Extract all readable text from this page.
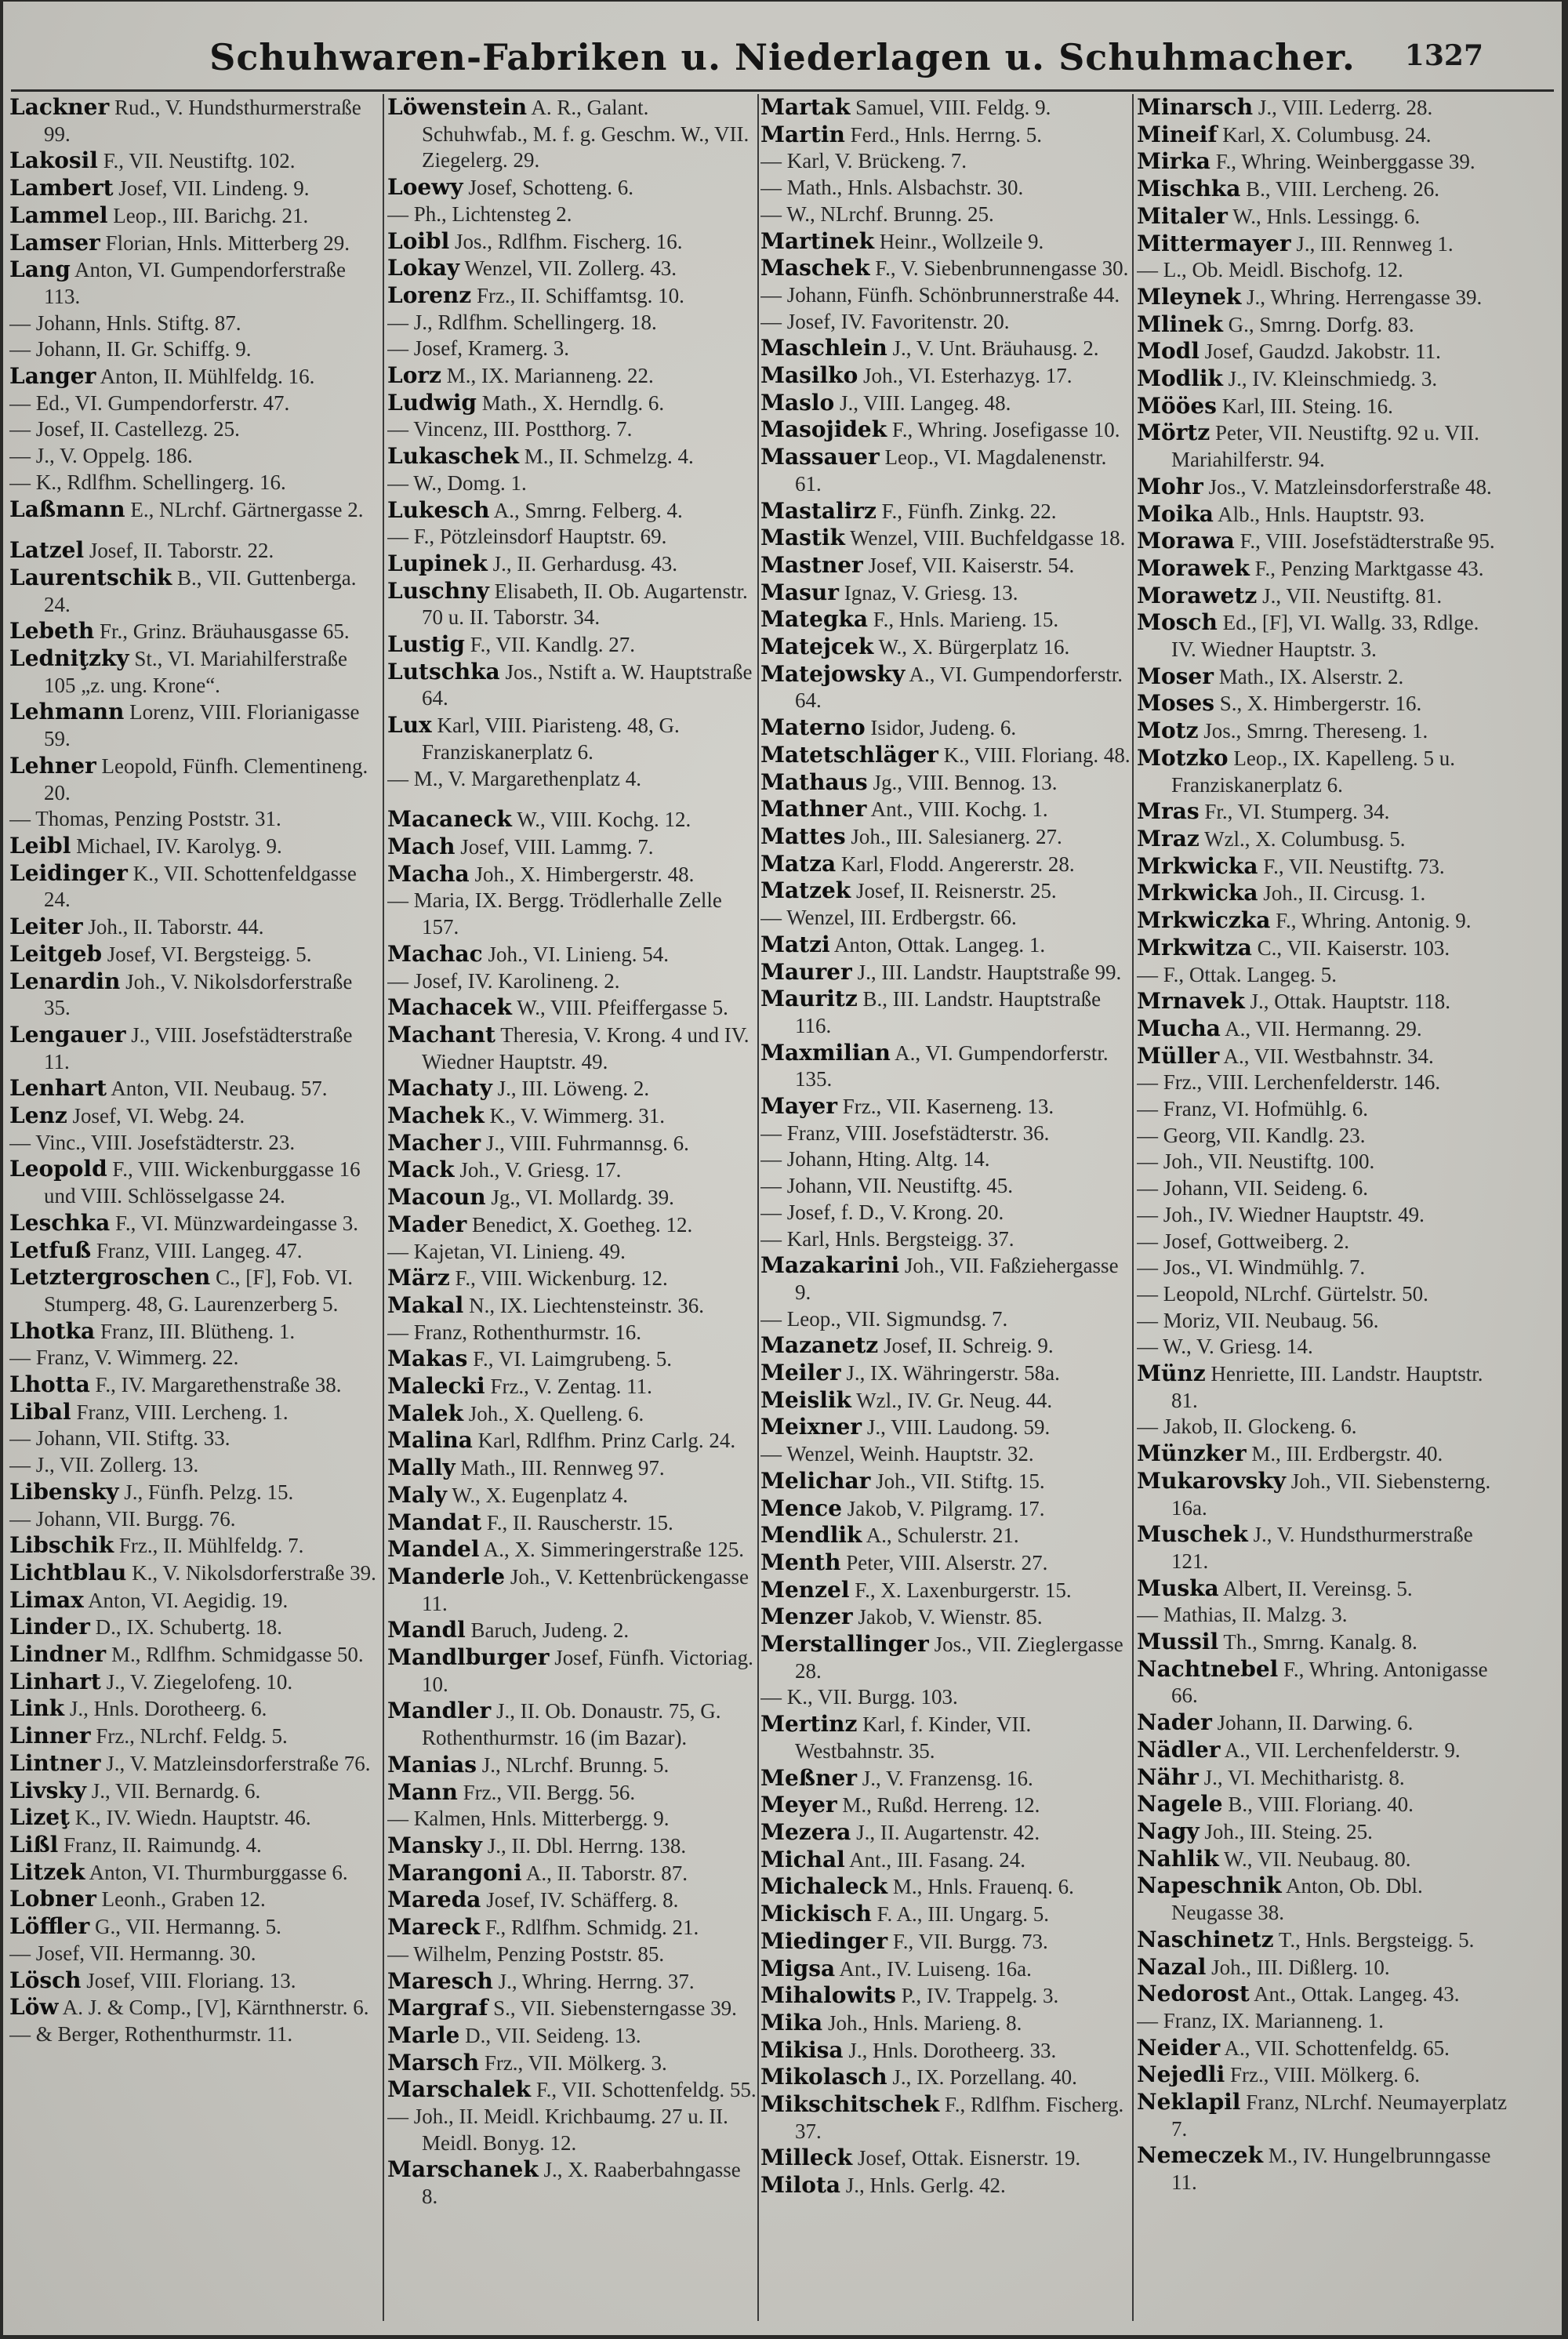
Schuhwaren-Fabriken u. Niederlagen u. Schuhmacher.	1327

Lackner Rud., V. Hundsthurmerstraße 99.

Lakosil F., VII. Neustiftg. 102.

Lambert Josef, VII. Lindeng. 9.

Lammel Leop., III. Barichg. 21.

Lamser Florian, Hnls. Mitterberg 29.

Lang Anton, VI. Gumpendorferstraße 113.

— Johann, Hnls. Stiftg. 87.

— Johann, II. Gr. Schiffg. 9.

Langer Anton, II. Mühlfeldg. 16.

— Ed., VI. Gumpendorferstr. 47.

— Josef, II. Castellezg. 25.

— J., V. Oppelg. 186.

— K., Rdlfhm. Schellingerg. 16.

Laßmann E., NLrchf. Gärtnergasse 2.

Latzel Josef, II. Taborstr. 22.

Laurentschik B., VII. Guttenberga. 24.

Lebeth Fr., Grinz. Bräuhausgasse 65.

Ledniţzky St., VI. Mariahilferstraße 105 „z. ung. Krone“.

Lehmann Lorenz, VIII. Florianigasse 59.

Lehner Leopold, Fünfh. Clementineng. 20.

— Thomas, Penzing Poststr. 31.

Leibl Michael, IV. Karolyg. 9.

Leidinger K., VII. Schottenfeldgasse 24.

Leiter Joh., II. Taborstr. 44.

Leitgeb Josef, VI. Bergsteigg. 5.

Lenardin Joh., V. Nikolsdorferstraße 35.

Lengauer J., VIII. Josefstädterstraße 11.

Lenhart Anton, VII. Neubaug. 57.

Lenz Josef, VI. Webg. 24.

— Vinc., VIII. Josefstädterstr. 23.

Leopold F., VIII. Wickenburggasse 16 und VIII. Schlösselgasse 24.

Leschka F., VI. Münzwardeingasse 3.

Letfuß Franz, VIII. Langeg. 47.

Letztergroschen C., [F], Fob. VI. Stumperg. 48, G. Laurenzerberg 5.

Lhotka Franz, III. Blütheng. 1.

— Franz, V. Wimmerg. 22.

Lhotta F., IV. Margarethenstraße 38.

Libal Franz, VIII. Lercheng. 1.

— Johann, VII. Stiftg. 33.

— J., VII. Zollerg. 13.

Libensky J., Fünfh. Pelzg. 15.

— Johann, VII. Burgg. 76.

Libschik Frz., II. Mühlfeldg. 7.

Lichtblau K., V. Nikolsdorferstraße 39.

Limax Anton, VI. Aegidig. 19.

Linder D., IX. Schubertg. 18.

Lindner M., Rdlfhm. Schmidgasse 50.

Linhart J., V. Ziegelofeng. 10.

Link J., Hnls. Dorotheerg. 6.

Linner Frz., NLrchf. Feldg. 5.

Lintner J., V. Matzleinsdorferstraße 76.

Livsky J., VII. Bernardg. 6.

Lizeţ K., IV. Wiedn. Hauptstr. 46.

Lißl Franz, II. Raimundg. 4.

Litzek Anton, VI. Thurmburggasse 6.

Lobner Leonh., Graben 12.

Löffler G., VII. Hermanng. 5.

— Josef, VII. Hermanng. 30.

Lösch Josef, VIII. Floriang. 13.

Löw A. J. & Comp., [V], Kärnthnerstr. 6.

— & Berger, Rothenthurmstr. 11.

Löwenstein A. R., Galant. Schuhwfab., M. f. g. Geschm. W., VII. Ziegelerg. 29.

Loewy Josef, Schotteng. 6.

— Ph., Lichtensteg 2.

Loibl Jos., Rdlfhm. Fischerg. 16.

Lokay Wenzel, VII. Zollerg. 43.

Lorenz Frz., II. Schiffamtsg. 10.

— J., Rdlfhm. Schellingerg. 18.

— Josef, Kramerg. 3.

Lorz M., IX. Marianneng. 22.

Ludwig Math., X. Herndlg. 6.

— Vincenz, III. Postthorg. 7.

Lukaschek M., II. Schmelzg. 4.

— W., Domg. 1.

Lukesch A., Smrng. Felberg. 4.

— F., Pötzleinsdorf Hauptstr. 69.

Lupinek J., II. Gerhardusg. 43.

Luschny Elisabeth, II. Ob. Augartenstr. 70 u. II. Taborstr. 34.

Lustig F., VII. Kandlg. 27.

Lutschka Jos., Nstift a. W. Hauptstraße 64.

Lux Karl, VIII. Piaristeng. 48, G. Franziskanerplatz 6.

— M., V. Margarethenplatz 4.

Macaneck W., VIII. Kochg. 12.

Mach Josef, VIII. Lammg. 7.

Macha Joh., X. Himbergerstr. 48.

— Maria, IX. Bergg. Trödlerhalle Zelle 157.

Machac Joh., VI. Linieng. 54.

— Josef, IV. Karolineng. 2.

Machacek W., VIII. Pfeiffergasse 5.

Machant Theresia, V. Krong. 4 und IV. Wiedner Hauptstr. 49.

Machaty J., III. Löweng. 2.

Machek K., V. Wimmerg. 31.

Macher J., VIII. Fuhrmannsg. 6.

Mack Joh., V. Griesg. 17.

Macoun Jg., VI. Mollardg. 39.

Mader Benedict, X. Goetheg. 12.

— Kajetan, VI. Linieng. 49.

März F., VIII. Wickenburg. 12.

Makal N., IX. Liechtensteinstr. 36.

— Franz, Rothenthurmstr. 16.

Makas F., VI. Laimgrubeng. 5.

Malecki Frz., V. Zentag. 11.

Malek Joh., X. Quelleng. 6.

Malina Karl, Rdlfhm. Prinz Carlg. 24.

Mally Math., III. Rennweg 97.

Maly W., X. Eugenplatz 4.

Mandat F., II. Rauscherstr. 15.

Mandel A., X. Simmeringerstraße 125.

Manderle Joh., V. Kettenbrückengasse 11.

Mandl Baruch, Judeng. 2.

Mandlburger Josef, Fünfh. Victoriag. 10.

Mandler J., II. Ob. Donaustr. 75, G. Rothenthurmstr. 16 (im Bazar).

Manias J., NLrchf. Brunng. 5.

Mann Frz., VII. Bergg. 56.

— Kalmen, Hnls. Mitterbergg. 9.

Mansky J., II. Dbl. Herrng. 138.

Marangoni A., II. Taborstr. 87.

Mareda Josef, IV. Schäfferg. 8.

Mareck F., Rdlfhm. Schmidg. 21.

— Wilhelm, Penzing Poststr. 85.

Maresch J., Whring. Herrng. 37.

Margraf S., VII. Siebensterngasse 39.

Marle D., VII. Seideng. 13.

Marsch Frz., VII. Mölkerg. 3.

Marschalek F., VII. Schottenfeldg. 55.

— Joh., II. Meidl. Krichbaumg. 27 u. II. Meidl. Bonyg. 12.

Marschanek J., X. Raaberbahngasse 8.

Martak Samuel, VIII. Feldg. 9.

Martin Ferd., Hnls. Herrng. 5.

— Karl, V. Brückeng. 7.

— Math., Hnls. Alsbachstr. 30.

— W., NLrchf. Brunng. 25.

Martinek Heinr., Wollzeile 9.

Maschek F., V. Siebenbrunnengasse 30.

— Johann, Fünfh. Schönbrunnerstraße 44.

— Josef, IV. Favoritenstr. 20.

Maschlein J., V. Unt. Bräuhausg. 2.

Masilko Joh., VI. Esterhazyg. 17.

Maslo J., VIII. Langeg. 48.

Masojidek F., Whring. Josefigasse 10.

Massauer Leop., VI. Magdalenenstr. 61.

Mastalirz F., Fünfh. Zinkg. 22.

Mastik Wenzel, VIII. Buchfeldgasse 18.

Mastner Josef, VII. Kaiserstr. 54.

Masur Ignaz, V. Griesg. 13.

Mategka F., Hnls. Marieng. 15.

Matejcek W., X. Bürgerplatz 16.

Matejowsky A., VI. Gumpendorferstr. 64.

Materno Isidor, Judeng. 6.

Matetschläger K., VIII. Floriang. 48.

Mathaus Jg., VIII. Bennog. 13.

Mathner Ant., VIII. Kochg. 1.

Mattes Joh., III. Salesianerg. 27.

Matza Karl, Flodd. Angererstr. 28.

Matzek Josef, II. Reisnerstr. 25.

— Wenzel, III. Erdbergstr. 66.

Matzi Anton, Ottak. Langeg. 1.

Maurer J., III. Landstr. Hauptstraße 99.

Mauritz B., III. Landstr. Hauptstraße 116.

Maxmilian A., VI. Gumpendorferstr. 135.

Mayer Frz., VII. Kaserneng. 13.

— Franz, VIII. Josefstädterstr. 36.

— Johann, Hting. Altg. 14.

— Johann, VII. Neustiftg. 45.

— Josef, f. D., V. Krong. 20.

— Karl, Hnls. Bergsteigg. 37.

Mazakarini Joh., VII. Faßziehergasse 9.

— Leop., VII. Sigmundsg. 7.

Mazanetz Josef, II. Schreig. 9.

Meiler J., IX. Währingerstr. 58a.

Meislik Wzl., IV. Gr. Neug. 44.

Meixner J., VIII. Laudong. 59.

— Wenzel, Weinh. Hauptstr. 32.

Melichar Joh., VII. Stiftg. 15.

Mence Jakob, V. Pilgramg. 17.

Mendlik A., Schulerstr. 21.

Menth Peter, VIII. Alserstr. 27.

Menzel F., X. Laxenburgerstr. 15.

Menzer Jakob, V. Wienstr. 85.

Merstallinger Jos., VII. Zieglergasse 28.

— K., VII. Burgg. 103.

Mertinz Karl, f. Kinder, VII. Westbahnstr. 35.

Meßner J., V. Franzensg. 16.

Meyer M., Rußd. Herreng. 12.

Mezera J., II. Augartenstr. 42.

Michal Ant., III. Fasang. 24.

Michaleck M., Hnls. Frauenq. 6.

Mickisch F. A., III. Ungarg. 5.

Miedinger F., VII. Burgg. 73.

Migsa Ant., IV. Luiseng. 16a.

Mihalowits P., IV. Trappelg. 3.

Mika Joh., Hnls. Marieng. 8.

Mikisa J., Hnls. Dorotheerg. 33.

Mikolasch J., IX. Porzellang. 40.

Mikschitschek F., Rdlfhm. Fischerg. 37.

Milleck Josef, Ottak. Eisnerstr. 19.

Milota J., Hnls. Gerlg. 42.

Minarsch J., VIII. Lederrg. 28.

Mineif Karl, X. Columbusg. 24.

Mirka F., Whring. Weinberggasse 39.

Mischka B., VIII. Lercheng. 26.

Mitaler W., Hnls. Lessingg. 6.

Mittermayer J., III. Rennweg 1.

— L., Ob. Meidl. Bischofg. 12.

Mleynek J., Whring. Herrengasse 39.

Mlinek G., Smrng. Dorfg. 83.

Modl Josef, Gaudzd. Jakobstr. 11.

Modlik J., IV. Kleinschmiedg. 3.

Mööes Karl, III. Steing. 16.

Mörtz Peter, VII. Neustiftg. 92 u. VII. Mariahilferstr. 94.

Mohr Jos., V. Matzleinsdorferstraße 48.

Moika Alb., Hnls. Hauptstr. 93.

Morawa F., VIII. Josefstädterstraße 95.

Morawek F., Penzing Marktgasse 43.

Morawetz J., VII. Neustiftg. 81.

Mosch Ed., [F], VI. Wallg. 33, Rdlge. IV. Wiedner Hauptstr. 3.

Moser Math., IX. Alserstr. 2.

Moses S., X. Himbergerstr. 16.

Motz Jos., Smrng. Thereseng. 1.

Motzko Leop., IX. Kapelleng. 5 u. Franziskanerplatz 6.

Mras Fr., VI. Stumperg. 34.

Mraz Wzl., X. Columbusg. 5.

Mrkwicka F., VII. Neustiftg. 73.

Mrkwicka Joh., II. Circusg. 1.

Mrkwiczka F., Whring. Antonig. 9.

Mrkwitza C., VII. Kaiserstr. 103.

— F., Ottak. Langeg. 5.

Mrnavek J., Ottak. Hauptstr. 118.

Mucha A., VII. Hermanng. 29.

Müller A., VII. Westbahnstr. 34.

— Frz., VIII. Lerchenfelderstr. 146.

— Franz, VI. Hofmühlg. 6.

— Georg, VII. Kandlg. 23.

— Joh., VII. Neustiftg. 100.

— Johann, VII. Seideng. 6.

— Joh., IV. Wiedner Hauptstr. 49.

— Josef, Gottweiberg. 2.

— Jos., VI. Windmühlg. 7.

— Leopold, NLrchf. Gürtelstr. 50.

— Moriz, VII. Neubaug. 56.

— W., V. Griesg. 14.

Münz Henriette, III. Landstr. Hauptstr. 81.

— Jakob, II. Glockeng. 6.

Münzker M., III. Erdbergstr. 40.

Mukarovsky Joh., VII. Siebensterng. 16a.

Muschek J., V. Hundsthurmerstraße 121.

Muska Albert, II. Vereinsg. 5.

— Mathias, II. Malzg. 3.

Mussil Th., Smrng. Kanalg. 8.

Nachtnebel F., Whring. Antonigasse 66.

Nader Johann, II. Darwing. 6.

Nädler A., VII. Lerchenfelderstr. 9.

Nähr J., VI. Mechitharistg. 8.

Nagele B., VIII. Floriang. 40.

Nagy Joh., III. Steing. 25.

Nahlik W., VII. Neubaug. 80.

Napeschnik Anton, Ob. Dbl. Neugasse 38.

Naschinetz T., Hnls. Bergsteigg. 5.

Nazal Joh., III. Dißlerg. 10.

Nedorost Ant., Ottak. Langeg. 43.

— Franz, IX. Marianneng. 1.

Neider A., VII. Schottenfeldg. 65.

Nejedli Frz., VIII. Mölkerg. 6.

Neklapil Franz, NLrchf. Neumayerplatz 7.

Nemeczek M., IV. Hungelbrunngasse 11.
